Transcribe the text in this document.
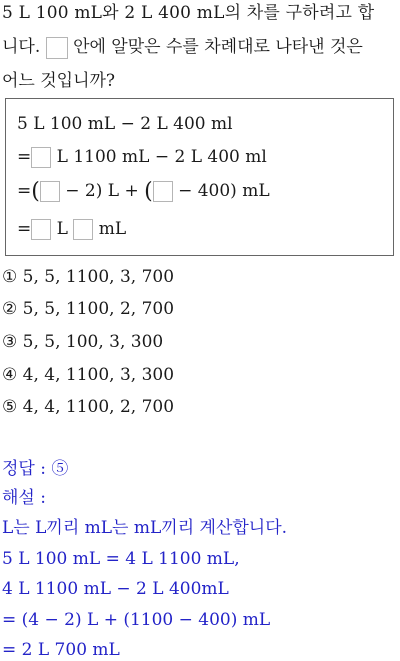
5 L 100 mL와 2 L 400 mL의 차를 구하려고 합
니다. 안에 알맞은 수를 차례대로 나타낸 것은
어느 것입니까?
5 L 100 mL − 2 L 400 ml
= L 1100 mL − 2 L 400 ml
=( − 2) L + ( − 400) mL
= L  mL
① 5, 5, 1100, 3, 700
② 5, 5, 1100, 2, 700
③ 5, 5, 100, 3, 300
④ 4, 4, 1100, 3, 300
⑤ 4, 4, 1100, 2, 700
정답 : ⑤
해설 :
L는 L끼리 mL는 mL끼리 계산합니다.
5 L 100 mL = 4 L 1100 mL,
4 L 1100 mL − 2 L 400mL
= (4 − 2) L + (1100 − 400) mL
= 2 L 700 mL
